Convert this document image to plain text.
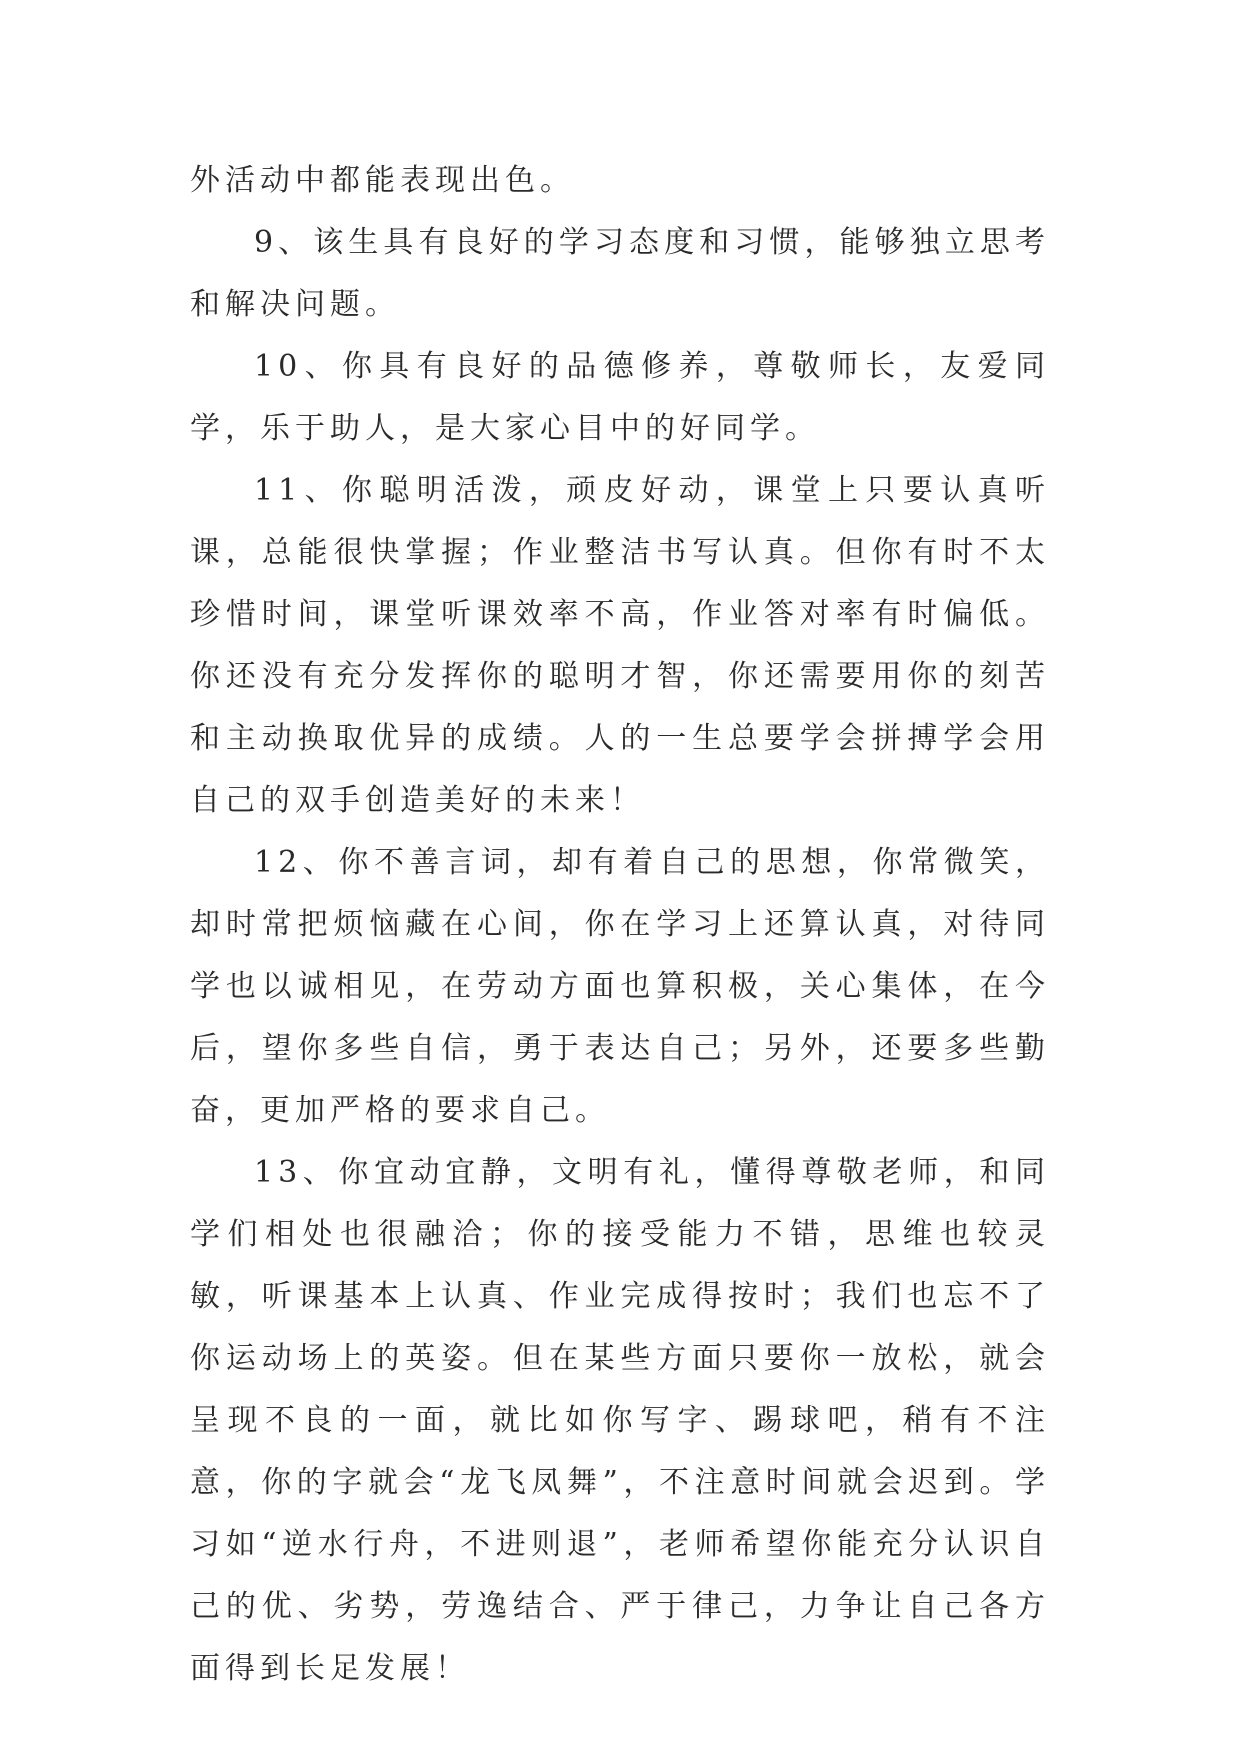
外活动中都能表现出色。

9、该生具有良好的学习态度和习惯，能够独立思考和解决问题。

10、你具有良好的品德修养，尊敬师长，友爱同学，乐于助人，是大家心目中的好同学。

11、你聪明活泼，顽皮好动，课堂上只要认真听课，总能很快掌握；作业整洁书写认真。但你有时不太珍惜时间，课堂听课效率不高，作业答对率有时偏低。你还没有充分发挥你的聪明才智，你还需要用你的刻苦和主动换取优异的成绩。人的一生总要学会拼搏学会用自己的双手创造美好的未来！

12、你不善言词，却有着自己的思想，你常微笑，却时常把烦恼藏在心间，你在学习上还算认真，对待同学也以诚相见，在劳动方面也算积极，关心集体，在今后，望你多些自信，勇于表达自己；另外，还要多些勤奋，更加严格的要求自己。

13、你宜动宜静，文明有礼，懂得尊敬老师，和同学们相处也很融洽；你的接受能力不错，思维也较灵敏，听课基本上认真、作业完成得按时；我们也忘不了你运动场上的英姿。但在某些方面只要你一放松，就会呈现不良的一面，就比如你写字、踢球吧，稍有不注意，你的字就会“龙飞凤舞”，不注意时间就会迟到。学习如“逆水行舟，不进则退”，老师希望你能充分认识自己的优、劣势，劳逸结合、严于律己，力争让自己各方面得到长足发展！
